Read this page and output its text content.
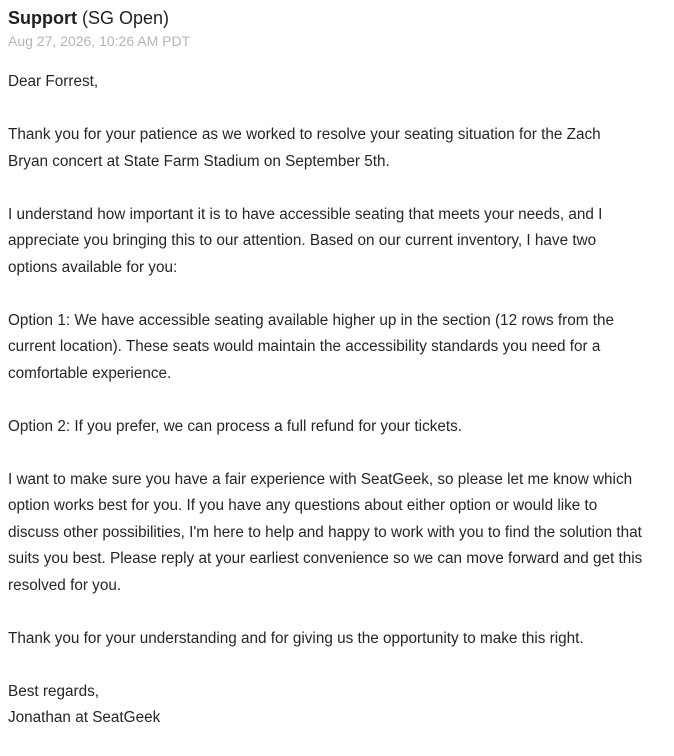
Support (SG Open)
Aug 27, 2026, 10:26 AM PDT

Dear Forrest,

Thank you for your patience as we worked to resolve your seating situation for the Zach
Bryan concert at State Farm Stadium on September 5th.

I understand how important it is to have accessible seating that meets your needs, and I
appreciate you bringing this to our attention. Based on our current inventory, I have two
options available for you:

Option 1: We have accessible seating available higher up in the section (12 rows from the
current location). These seats would maintain the accessibility standards you need for a
comfortable experience.

Option 2: If you prefer, we can process a full refund for your tickets.

I want to make sure you have a fair experience with SeatGeek, so please let me know which
option works best for you. If you have any questions about either option or would like to
discuss other possibilities, I'm here to help and happy to work with you to find the solution that
suits you best. Please reply at your earliest convenience so we can move forward and get this
resolved for you.

Thank you for your understanding and for giving us the opportunity to make this right.

Best regards,
Jonathan at SeatGeek
